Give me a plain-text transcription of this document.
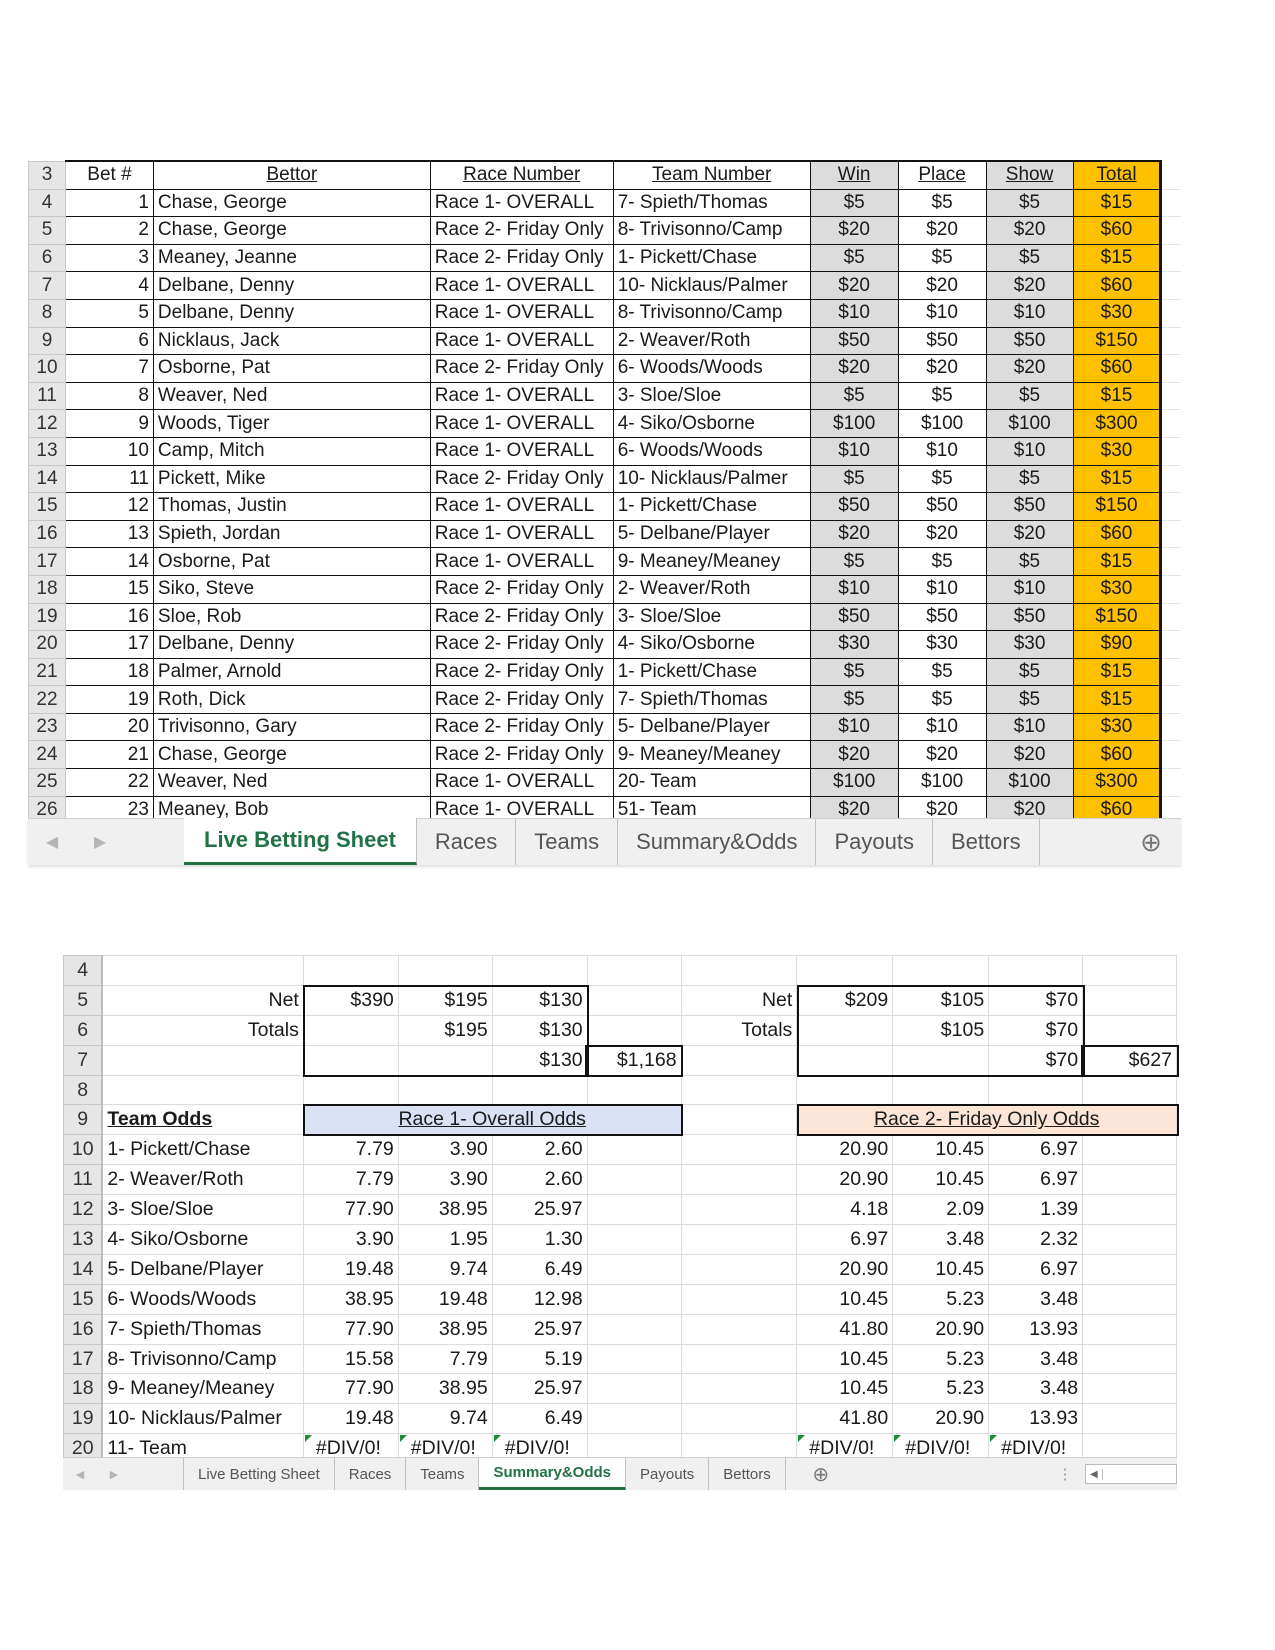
3	Bet #	Bettor	Race Number	Team Number	Win	Place	Show	Total	
4	1	Chase, George	Race 1- OVERALL	7- Spieth/Thomas	$5	$5	$5	$15	
5	2	Chase, George	Race 2- Friday Only	8- Trivisonno/Camp	$20	$20	$20	$60	
6	3	Meaney, Jeanne	Race 2- Friday Only	1- Pickett/Chase	$5	$5	$5	$15	
7	4	Delbane, Denny	Race 1- OVERALL	10- Nicklaus/Palmer	$20	$20	$20	$60	
8	5	Delbane, Denny	Race 1- OVERALL	8- Trivisonno/Camp	$10	$10	$10	$30	
9	6	Nicklaus, Jack	Race 1- OVERALL	2- Weaver/Roth	$50	$50	$50	$150	
10	7	Osborne, Pat	Race 2- Friday Only	6- Woods/Woods	$20	$20	$20	$60	
11	8	Weaver, Ned	Race 1- OVERALL	3- Sloe/Sloe	$5	$5	$5	$15	
12	9	Woods, Tiger	Race 1- OVERALL	4- Siko/Osborne	$100	$100	$100	$300	
13	10	Camp, Mitch	Race 1- OVERALL	6- Woods/Woods	$10	$10	$10	$30	
14	11	Pickett, Mike	Race 2- Friday Only	10- Nicklaus/Palmer	$5	$5	$5	$15	
15	12	Thomas, Justin	Race 1- OVERALL	1- Pickett/Chase	$50	$50	$50	$150	
16	13	Spieth, Jordan	Race 1- OVERALL	5- Delbane/Player	$20	$20	$20	$60	
17	14	Osborne, Pat	Race 1- OVERALL	9- Meaney/Meaney	$5	$5	$5	$15	
18	15	Siko, Steve	Race 2- Friday Only	2- Weaver/Roth	$10	$10	$10	$30	
19	16	Sloe, Rob	Race 2- Friday Only	3- Sloe/Sloe	$50	$50	$50	$150	
20	17	Delbane, Denny	Race 2- Friday Only	4- Siko/Osborne	$30	$30	$30	$90	
21	18	Palmer, Arnold	Race 2- Friday Only	1- Pickett/Chase	$5	$5	$5	$15	
22	19	Roth, Dick	Race 2- Friday Only	7- Spieth/Thomas	$5	$5	$5	$15	
23	20	Trivisonno, Gary	Race 2- Friday Only	5- Delbane/Player	$10	$10	$10	$30	
24	21	Chase, George	Race 2- Friday Only	9- Meaney/Meaney	$20	$20	$20	$60	
25	22	Weaver, Ned	Race 1- OVERALL	20- Team	$100	$100	$100	$300	
26	23	Meaney, Bob	Race 1- OVERALL	51- Team	$20	$20	$20	$60	
◀	▶	Live Betting Sheet	Races	Teams	Summary&Odds	Payouts	Bettors	⊕
4										
5	Net	$390	$195	$130		Net	$209	$105	$70	
6	Totals		$195	$130		Totals		$105	$70	
7				$130	$1,168				$70	$627
8										
9	Team Odds	Race 1- Overall Odds					Race 2- Friday Only Odds			
10	1- Pickett/Chase	7.79	3.90	2.60			20.90	10.45	6.97	
11	2- Weaver/Roth	7.79	3.90	2.60			20.90	10.45	6.97	
12	3- Sloe/Sloe	77.90	38.95	25.97			4.18	2.09	1.39	
13	4- Siko/Osborne	3.90	1.95	1.30			6.97	3.48	2.32	
14	5- Delbane/Player	19.48	9.74	6.49			20.90	10.45	6.97	
15	6- Woods/Woods	38.95	19.48	12.98			10.45	5.23	3.48	
16	7- Spieth/Thomas	77.90	38.95	25.97			41.80	20.90	13.93	
17	8- Trivisonno/Camp	15.58	7.79	5.19			10.45	5.23	3.48	
18	9- Meaney/Meaney	77.90	38.95	25.97			10.45	5.23	3.48	
19	10- Nicklaus/Palmer	19.48	9.74	6.49			41.80	20.90	13.93	
20	11- Team	#DIV/0!	#DIV/0!	#DIV/0!			#DIV/0!	#DIV/0!	#DIV/0!	
◀	▶	Live Betting Sheet	Races	Teams	Summary&Odds	Payouts	Bettors	⊕	⋮	◀
